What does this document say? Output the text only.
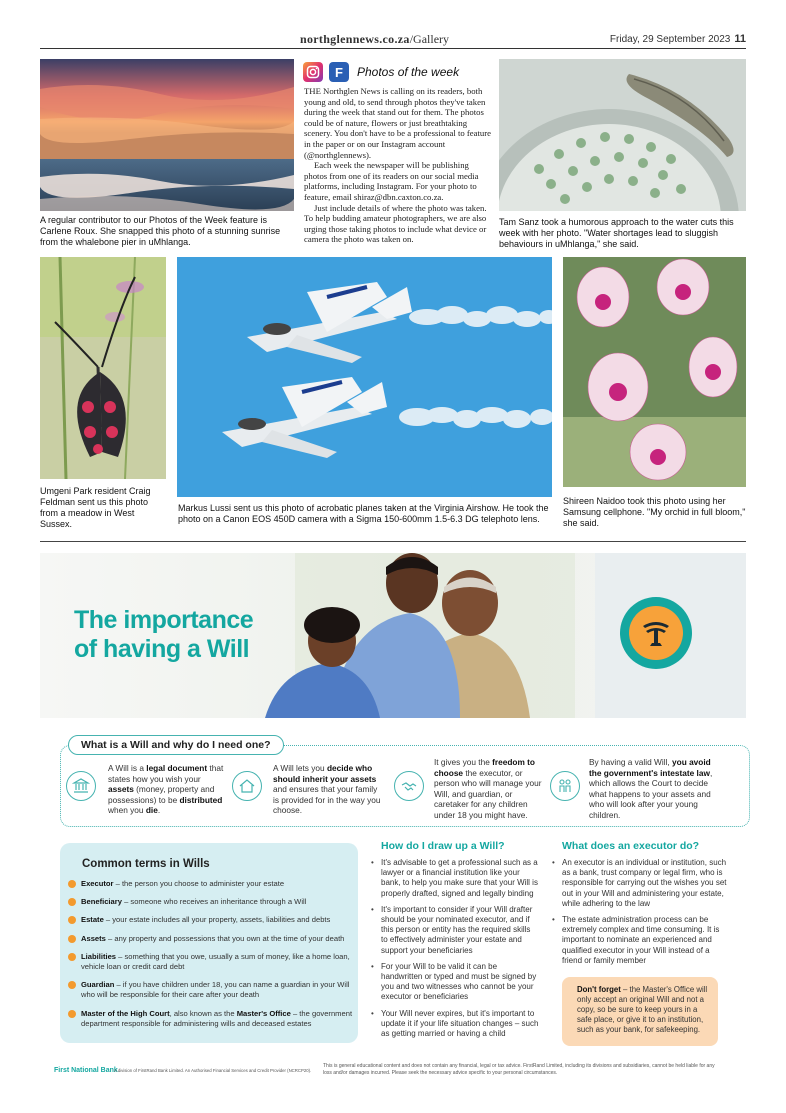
northglennews.co.za/Gallery	Friday, 29 September 2023 11
A regular contributor to our Photos of the Week feature is Carlene Roux. She snapped this photo of a stunning sunrise from the whalebone pier in uMhlanga.
F	Photos of the week

THE Northglen News is calling on its readers, both young and old, to send through photos they've taken during the week that stand out for them. The photos could be of nature, flowers or just breathtaking scenery. You don't have to be a professional to feature in the paper or on our Instagram account (@northglennews).

Each week the newspaper will be publishing photos from one of its readers on our social media platforms, including Instagram. For your photo to feature, email shiraz@dbn.caxton.co.za.

Just include details of where the photo was taken. To help budding amateur photographers, we are also urging those taking photos to include what device or camera the photo was taken on.

Tam Sanz took a humorous approach to the water cuts this week with her photo. "Water shortages lead to sluggish behaviours in uMhlanga," she said.
Umgeni Park resident Craig Feldman sent us this photo from a meadow in West Sussex.
Markus Lussi sent us this photo of acrobatic planes taken at the Virginia Airshow. He took the photo on a Canon EOS 450D camera with a Sigma 150-600mm 1.5-6.3 DG telephoto lens.
Shireen Naidoo took this photo using her Samsung cellphone. "My orchid in full bloom," she said.
The importance
of having a Will
What is a Will and why do I need one?
A Will is a legal document that states how you wish your assets (money, property and possessions) to be distributed when you die.
A Will lets you decide who should inherit your assets and ensures that your family is provided for in the way you choose.
It gives you the freedom to choose the executor, or person who will manage your Will, and guardian, or caretaker for any children under 18 you might have.
By having a valid Will, you avoid the government's intestate law, which allows the Court to decide what happens to your assets and who will look after your young children.
Common terms in Wills
Executor – the person you choose to administer your estate
Beneficiary – someone who receives an inheritance through a Will
Estate – your estate includes all your property, assets, liabilities and debts
Assets – any property and possessions that you own at the time of your death
Liabilities – something that you owe, usually a sum of money, like a home loan, vehicle loan or credit card debt
Guardian – if you have children under 18, you can name a guardian in your Will who will be responsible for their care after your death
Master of the High Court, also known as the Master's Office – the government department responsible for administering wills and deceased estates
How do I draw up a Will?
• It's advisable to get a professional such as a lawyer or a financial institution like your bank, to help you make sure that your Will is properly drafted, signed and legally binding
• It's important to consider if your Will drafter should be your nominated executor, and if this person or entity has the required skills to effectively administer your estate and support your beneficiaries
• For your Will to be valid it can be handwritten or typed and must be signed by you and two witnesses who cannot be your executor or beneficiaries
• Your Will never expires, but it's important to update it if your life situation changes – such as getting married or having a child
What does an executor do?
• An executor is an individual or institution, such as a bank, trust company or legal firm, who is responsible for carrying out the wishes you set out in your Will and administering your estate, while adhering to the law
• The estate administration process can be extremely complex and time consuming. It is important to nominate an experienced and qualified executor in your Will instead of a friend or family member
Don't forget – the Master's Office will only accept an original Will and not a copy, so be sure to keep yours in a safe place, or give it to an institution, such as your bank, for safekeeping.
First National Bank
A division of FirstRand Bank Limited. An Authorised Financial Services and Credit Provider (NCRCP20).
This is general educational content and does not contain any financial, legal or tax advice. FirstRand Limited, including its divisions and subsidiaries, cannot be held liable for any loss and/or damages incurred. Please seek the necessary advice specific to your personal circumstances.
